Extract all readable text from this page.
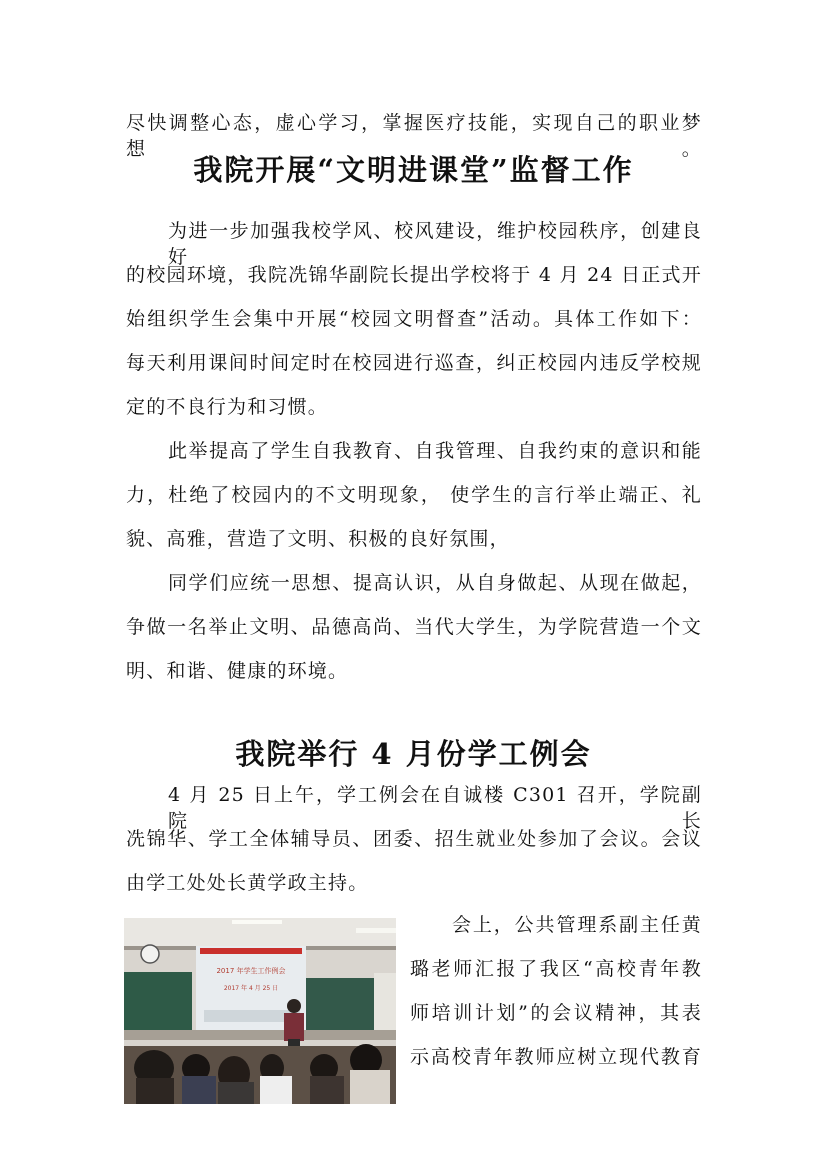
尽快调整心态，虚心学习，掌握医疗技能，实现自己的职业梦想。
我院开展“文明进课堂”监督工作
为进一步加强我校学风、校风建设，维护校园秩序，创建良好
的校园环境，我院冼锦华副院长提出学校将于 4 月 24 日正式开
始组织学生会集中开展“校园文明督查”活动。具体工作如下：
每天利用课间时间定时在校园进行巡查，纠正校园内违反学校规
定的不良行为和习惯。
此举提高了学生自我教育、自我管理、自我约束的意识和能
力，杜绝了校园内的不文明现象， 使学生的言行举止端正、礼
貌、高雅，营造了文明、积极的良好氛围，
同学们应统一思想、提高认识，从自身做起、从现在做起，
争做一名举止文明、品德高尚、当代大学生，为学院营造一个文
明、和谐、健康的环境。
我院举行 4 月份学工例会
4 月 25 日上午，学工例会在自诚楼 C301 召开，学院副院长
冼锦华、学工全体辅导员、团委、招生就业处参加了会议。会议
由学工处处长黄学政主持。
2017 年学生工作例会
2017 年 4 月 25 日
会上，公共管理系副主任黄
璐老师汇报了我区“高校青年教
师培训计划”的会议精神，其表
示高校青年教师应树立现代教育
